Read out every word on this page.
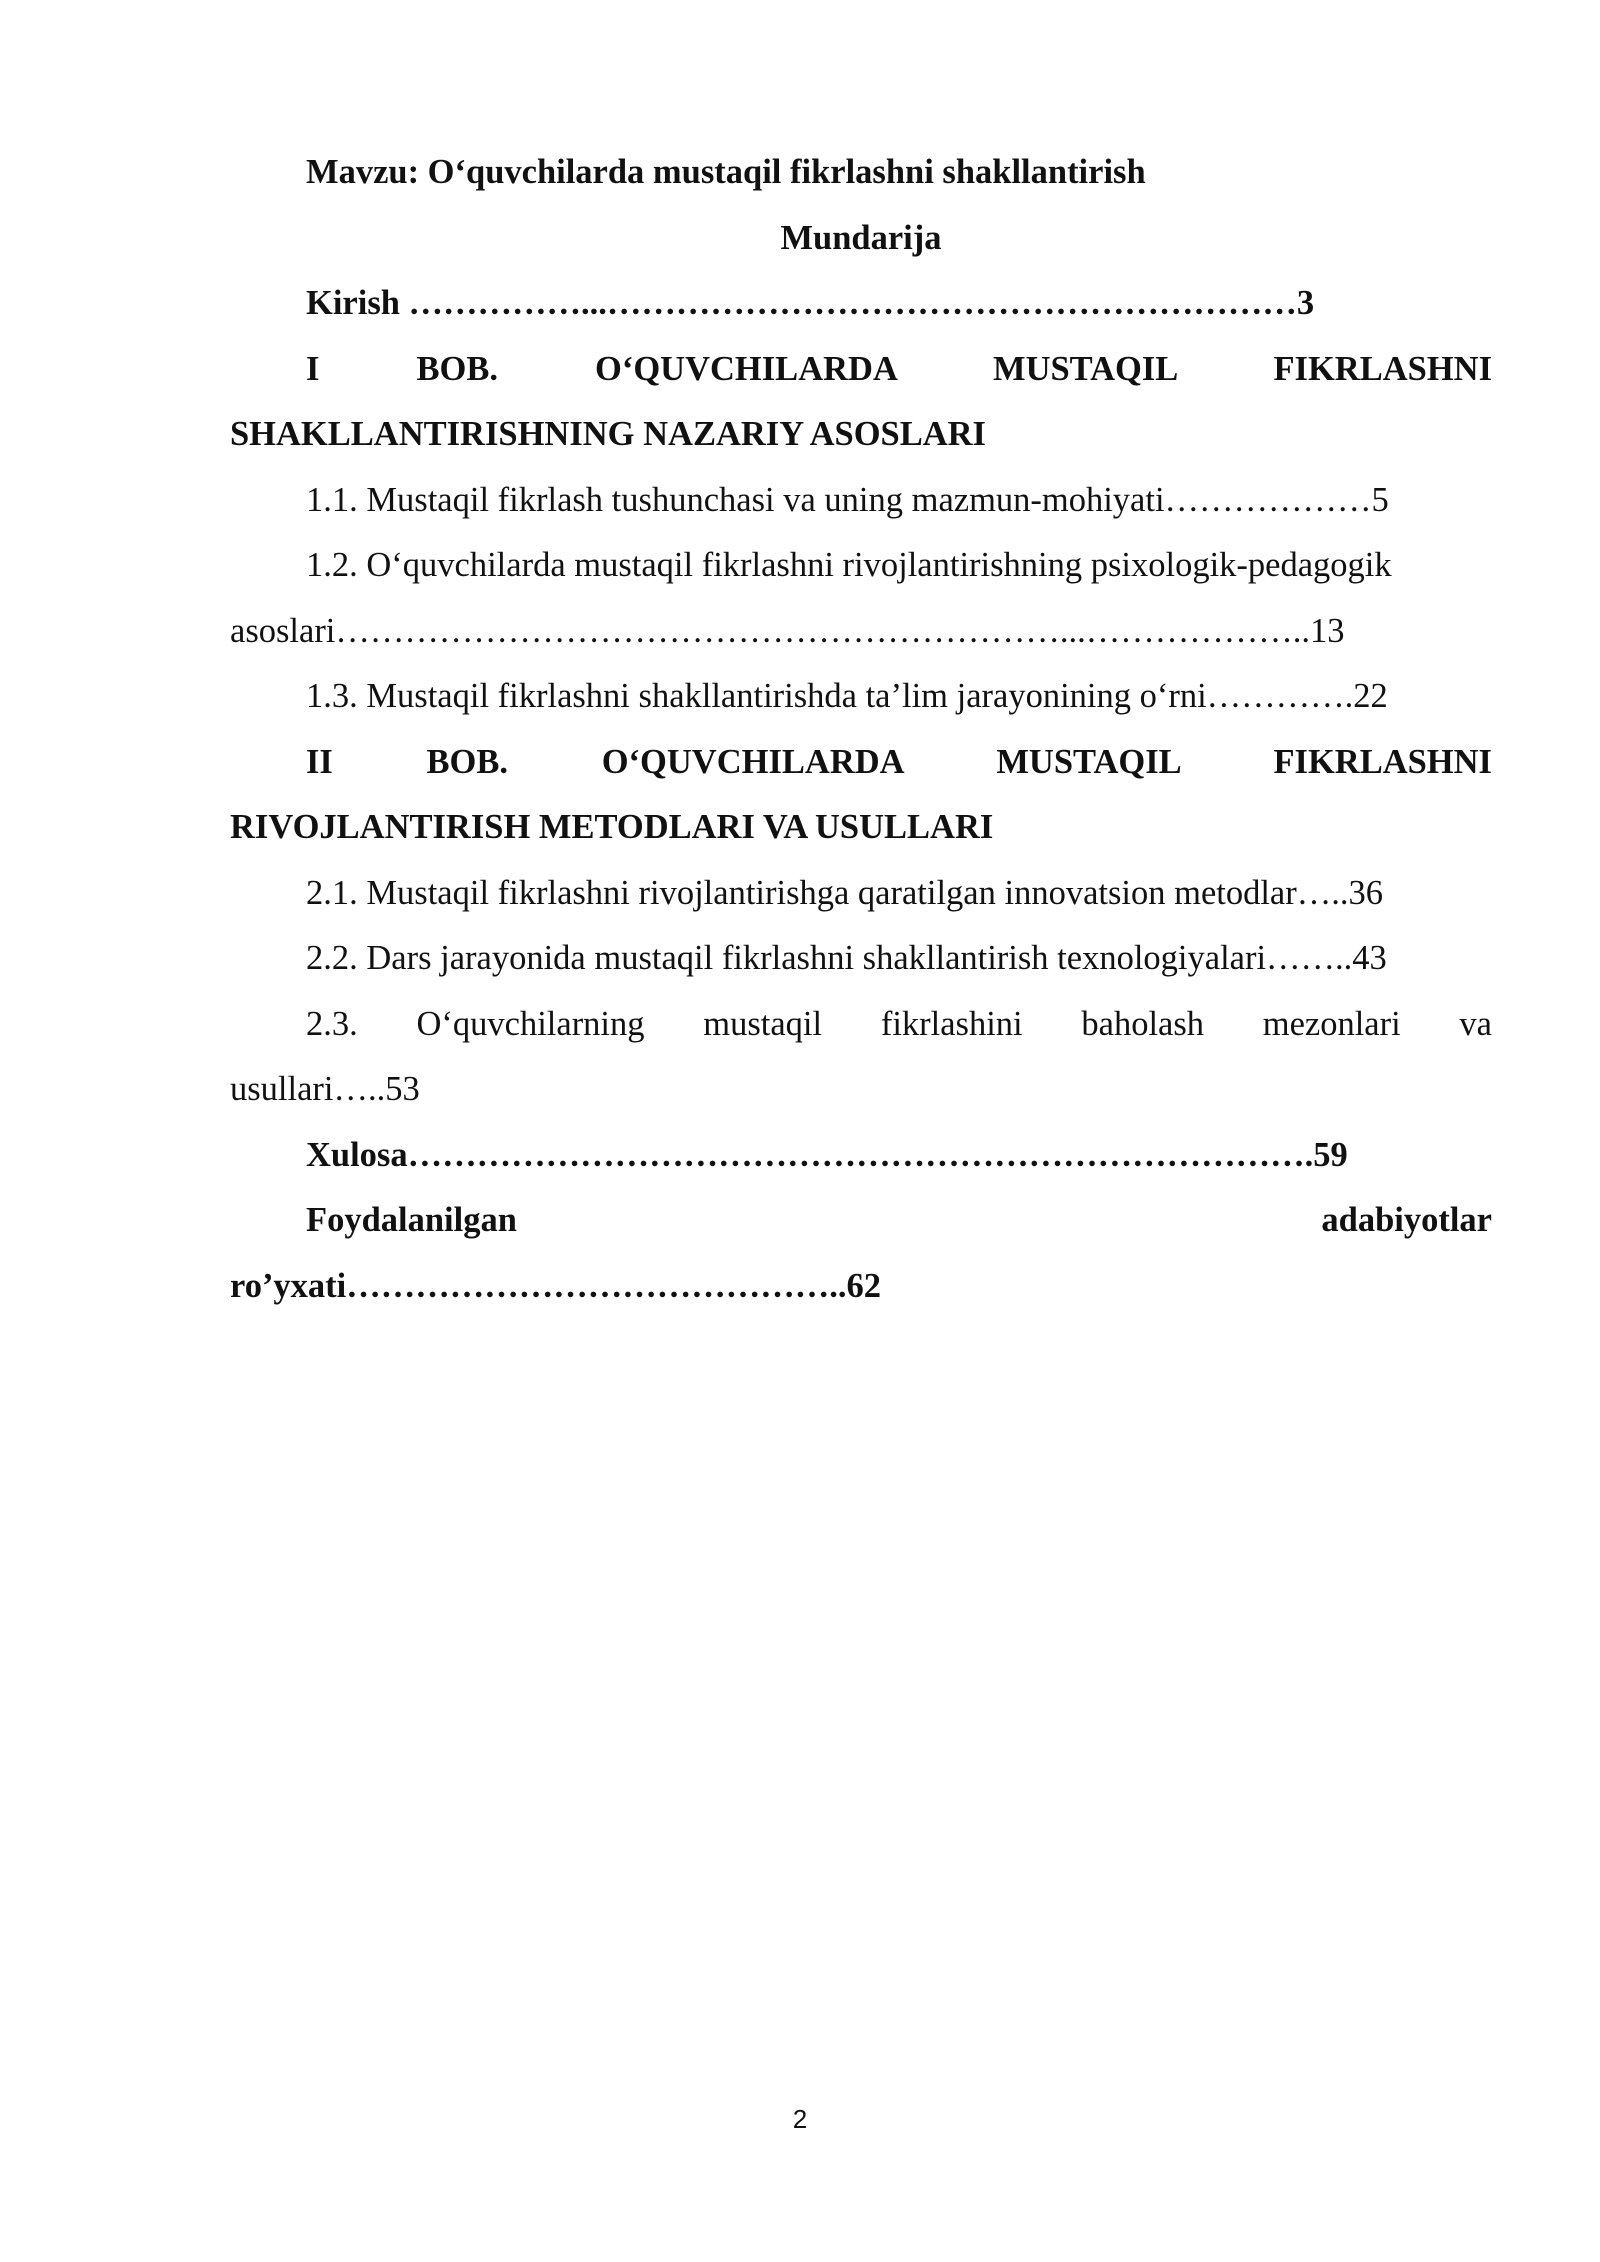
Mavzu: O‘quvchilarda mustaqil fikrlashni shakllantirish
Mundarija
Kirish ……………...……………………………………………………3
I BOB. O‘QUVCHILARDA MUSTAQIL FIKRLASHNI
SHAKLLANTIRISHNING NAZARIY ASOSLARI
1.1. Mustaqil fikrlash tushunchasi va uning mazmun-mohiyati………………5
1.2. O‘quvchilarda mustaqil fikrlashni rivojlantirishning psixologik-pedagogik
asoslari………………………………………………………...………………..13
1.3. Mustaqil fikrlashni shakllantirishda ta’lim jarayonining o‘rni………….22
II BOB. O‘QUVCHILARDA MUSTAQIL FIKRLASHNI
RIVOJLANTIRISH METODLARI VA USULLARI
2.1. Mustaqil fikrlashni rivojlantirishga qaratilgan innovatsion metodlar…..36
2.2. Dars jarayonida mustaqil fikrlashni shakllantirish texnologiyalari……..43
2.3. O‘quvchilarning mustaqil fikrlashini baholash mezonlari va
usullari…..53
Xulosa…………………………………………………………………….59
Foydalanilgan adabiyotlar
ro’yxati……………………………………..62
2
